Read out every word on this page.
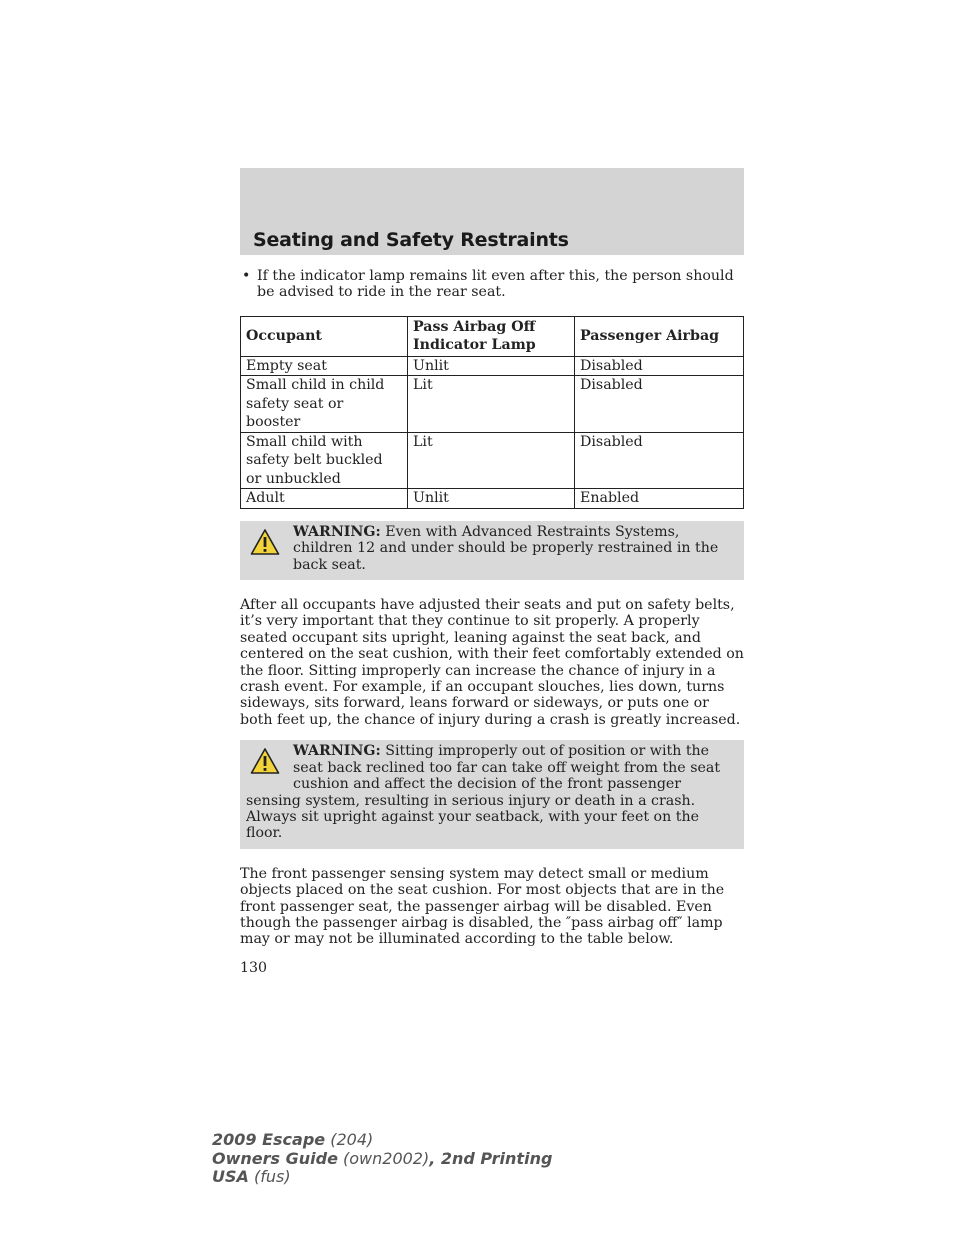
Seating and Safety Restraints

• If the indicator lamp remains lit even after this, the person should be advised to ride in the rear seat.

Occupant	Pass Airbag Off Indicator Lamp	Passenger Airbag
Empty seat	Unlit	Disabled
Small child in child safety seat or booster	Lit	Disabled
Small child with safety belt buckled or unbuckled	Lit	Disabled
Adult	Unlit	Enabled
WARNING: Even with Advanced Restraints Systems, children 12 and under should be properly restrained in the back seat.

After all occupants have adjusted their seats and put on safety belts, it’s very important that they continue to sit properly. A properly seated occupant sits upright, leaning against the seat back, and centered on the seat cushion, with their feet comfortably extended on the floor. Sitting improperly can increase the chance of injury in a crash event. For example, if an occupant slouches, lies down, turns sideways, sits forward, leans forward or sideways, or puts one or both feet up, the chance of injury during a crash is greatly increased.

WARNING: Sitting improperly out of position or with the seat back reclined too far can take off weight from the seat cushion and affect the decision of the front passenger sensing system, resulting in serious injury or death in a crash.
Always sit upright against your seatback, with your feet on the floor.

The front passenger sensing system may detect small or medium objects placed on the seat cushion. For most objects that are in the front passenger seat, the passenger airbag will be disabled. Even though the passenger airbag is disabled, the ″pass airbag off″ lamp may or may not be illuminated according to the table below.

130
2009 Escape (204)
Owners Guide (own2002), 2nd Printing
USA (fus)
